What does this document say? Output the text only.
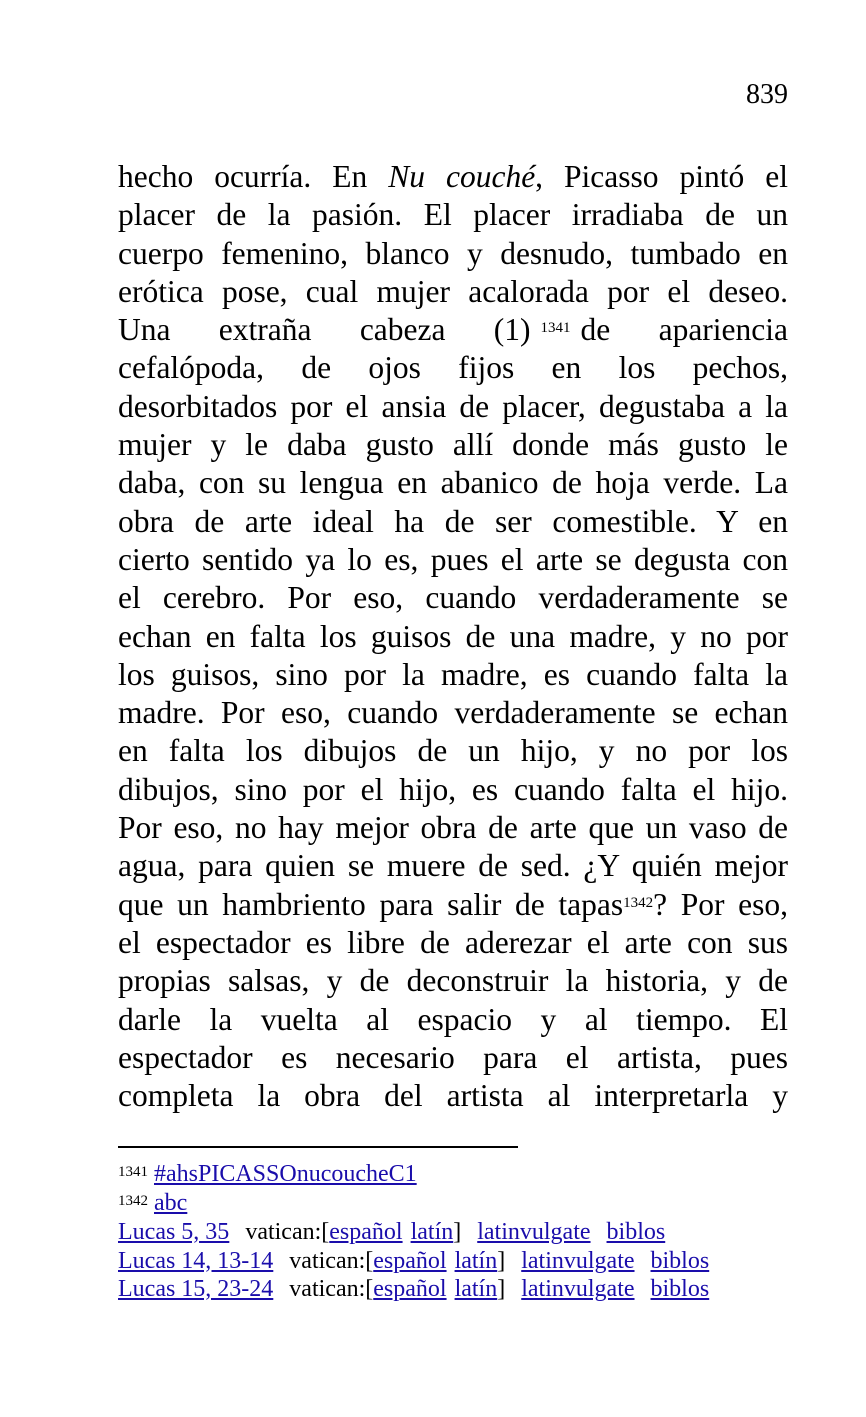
839
hecho ocurría. En Nu couché, Picasso pintó el
placer de la pasión. El placer irradiaba de un
cuerpo femenino, blanco y desnudo, tumbado en
erótica pose, cual mujer acalorada por el deseo.
Una extraña cabeza (1) $^{1341}$ de apariencia
cefalópoda, de ojos fijos en los pechos,
desorbitados por el ansia de placer, degustaba a la
mujer y le daba gusto allí donde más gusto le
daba, con su lengua en abanico de hoja verde. La
obra de arte ideal ha de ser comestible. Y en
cierto sentido ya lo es, pues el arte se degusta con
el cerebro. Por eso, cuando verdaderamente se
echan en falta los guisos de una madre, y no por
los guisos, sino por la madre, es cuando falta la
madre. Por eso, cuando verdaderamente se echan
en falta los dibujos de un hijo, y no por los
dibujos, sino por el hijo, es cuando falta el hijo.
Por eso, no hay mejor obra de arte que un vaso de
agua, para quien se muere de sed. ¿Y quién mejor
que un hambriento para salir de tapas$^{1342}$? Por eso,
el espectador es libre de aderezar el arte con sus
propias salsas, y de deconstruir la historia, y de
darle la vuelta al espacio y al tiempo. El
espectador es necesario para el artista, pues
completa la obra del artista al interpretarla y
$^{1341}$ #ahsPICASSOnucoucheC1
$^{1342}$ abc
Lucas 5, 35 vatican:[español latín] latinvulgate biblos
Lucas 14, 13-14 vatican:[español latín] latinvulgate biblos
Lucas 15, 23-24 vatican:[español latín] latinvulgate biblos
